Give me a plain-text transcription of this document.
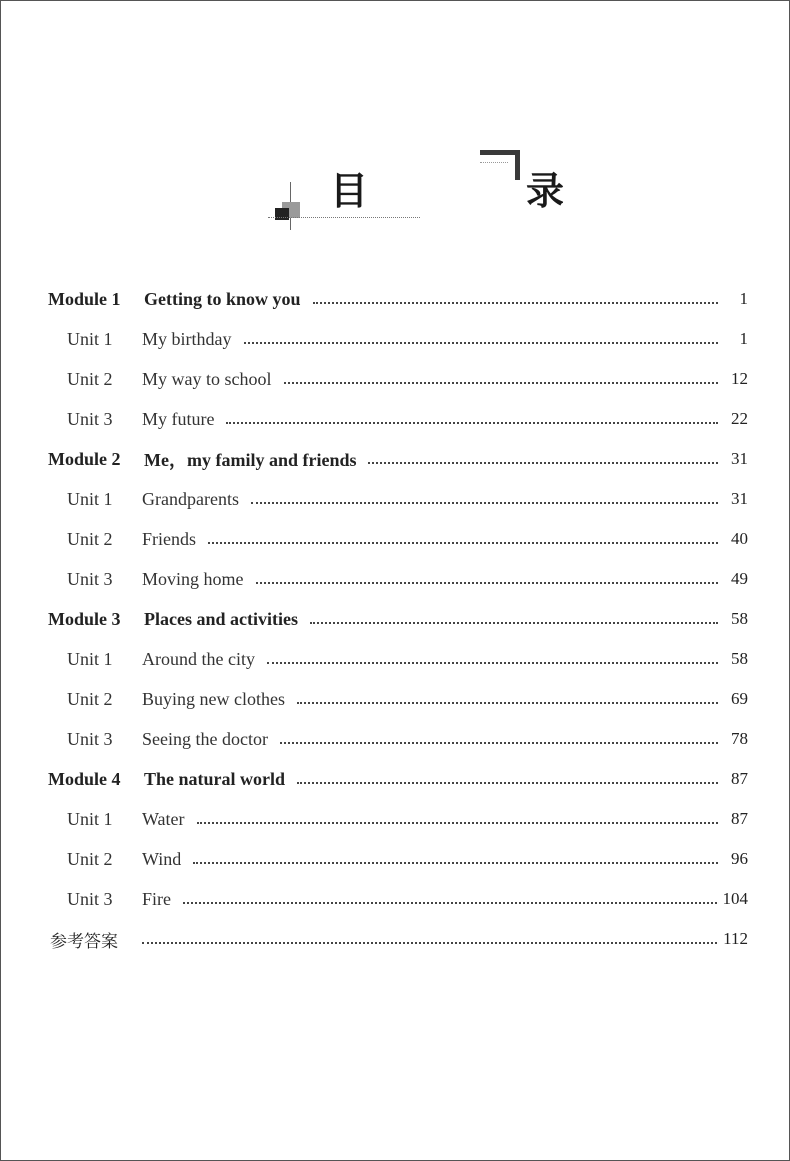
目　录
Module 1	Getting to know you	1
Unit 1	My birthday	1
Unit 2	My way to school	12
Unit 3	My future	22
Module 2	Me，my family and friends	31
Unit 1	Grandparents	31
Unit 2	Friends	40
Unit 3	Moving home	49
Module 3	Places and activities	58
Unit 1	Around the city	58
Unit 2	Buying new clothes	69
Unit 3	Seeing the doctor	78
Module 4	The natural world	87
Unit 1	Water	87
Unit 2	Wind	96
Unit 3	Fire	104
参考答案	112
